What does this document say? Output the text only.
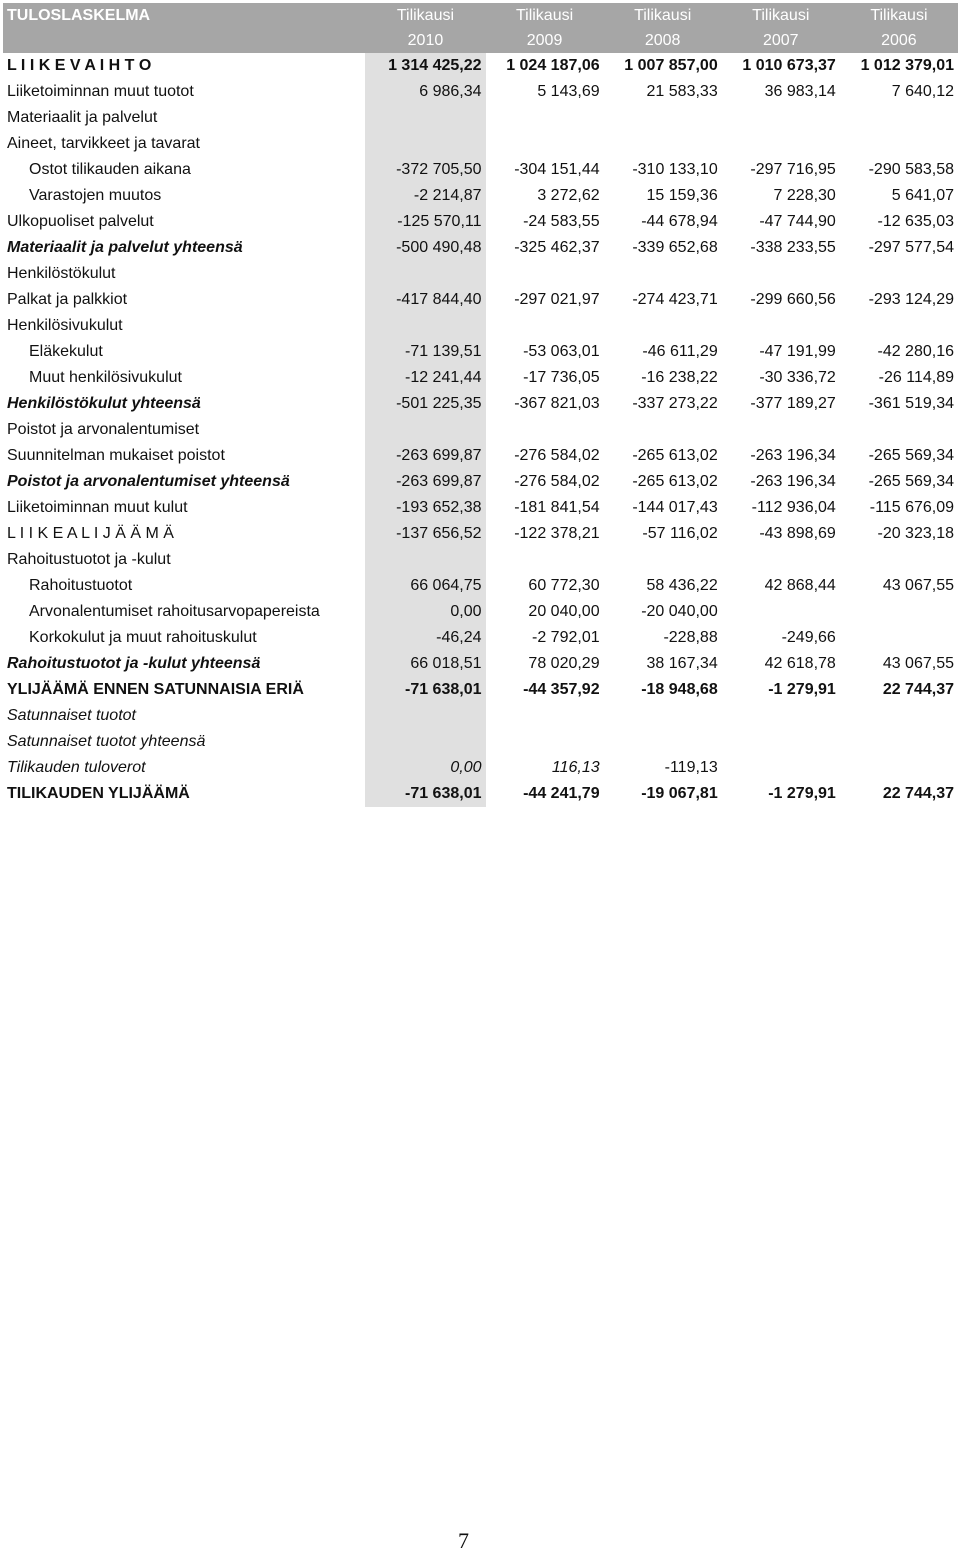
TULOSLASKELMA	Tilikausi	Tilikausi	Tilikausi	Tilikausi	Tilikausi
	2010	2009	2008	2007	2006
L I I K E V A I H T O	1 314 425,22	1 024 187,06	1 007 857,00	1 010 673,37	1 012 379,01
Liiketoiminnan muut tuotot	6 986,34	5 143,69	21 583,33	36 983,14	7 640,12
Materiaalit ja palvelut					
Aineet, tarvikkeet ja tavarat					
Ostot tilikauden aikana	-372 705,50	-304 151,44	-310 133,10	-297 716,95	-290 583,58
Varastojen muutos	-2 214,87	3 272,62	15 159,36	7 228,30	5 641,07
Ulkopuoliset palvelut	-125 570,11	-24 583,55	-44 678,94	-47 744,90	-12 635,03
Materiaalit ja palvelut yhteensä	-500 490,48	-325 462,37	-339 652,68	-338 233,55	-297 577,54
Henkilöstökulut					
Palkat ja palkkiot	-417 844,40	-297 021,97	-274 423,71	-299 660,56	-293 124,29
Henkilösivukulut					
Eläkekulut	-71 139,51	-53 063,01	-46 611,29	-47 191,99	-42 280,16
Muut henkilösivukulut	-12 241,44	-17 736,05	-16 238,22	-30 336,72	-26 114,89
Henkilöstökulut yhteensä	-501 225,35	-367 821,03	-337 273,22	-377 189,27	-361 519,34
Poistot ja arvonalentumiset					
Suunnitelman mukaiset poistot	-263 699,87	-276 584,02	-265 613,02	-263 196,34	-265 569,34
Poistot ja arvonalentumiset yhteensä	-263 699,87	-276 584,02	-265 613,02	-263 196,34	-265 569,34
Liiketoiminnan muut kulut	-193 652,38	-181 841,54	-144 017,43	-112 936,04	-115 676,09
L I I K E A L I J Ä Ä M Ä	-137 656,52	-122 378,21	-57 116,02	-43 898,69	-20 323,18
Rahoitustuotot ja -kulut					
Rahoitustuotot	66 064,75	60 772,30	58 436,22	42 868,44	43 067,55
Arvonalentumiset rahoitusarvopapereista	0,00	20 040,00	-20 040,00		
Korkokulut ja muut rahoituskulut	-46,24	-2 792,01	-228,88	-249,66	
Rahoitustuotot ja -kulut yhteensä	66 018,51	78 020,29	38 167,34	42 618,78	43 067,55
YLIJÄÄMÄ ENNEN SATUNNAISIA ERIÄ	-71 638,01	-44 357,92	-18 948,68	-1 279,91	22 744,37
Satunnaiset tuotot					
Satunnaiset tuotot yhteensä					
Tilikauden tuloverot	0,00	116,13	-119,13		
TILIKAUDEN YLIJÄÄMÄ	-71 638,01	-44 241,79	-19 067,81	-1 279,91	22 744,37
7
